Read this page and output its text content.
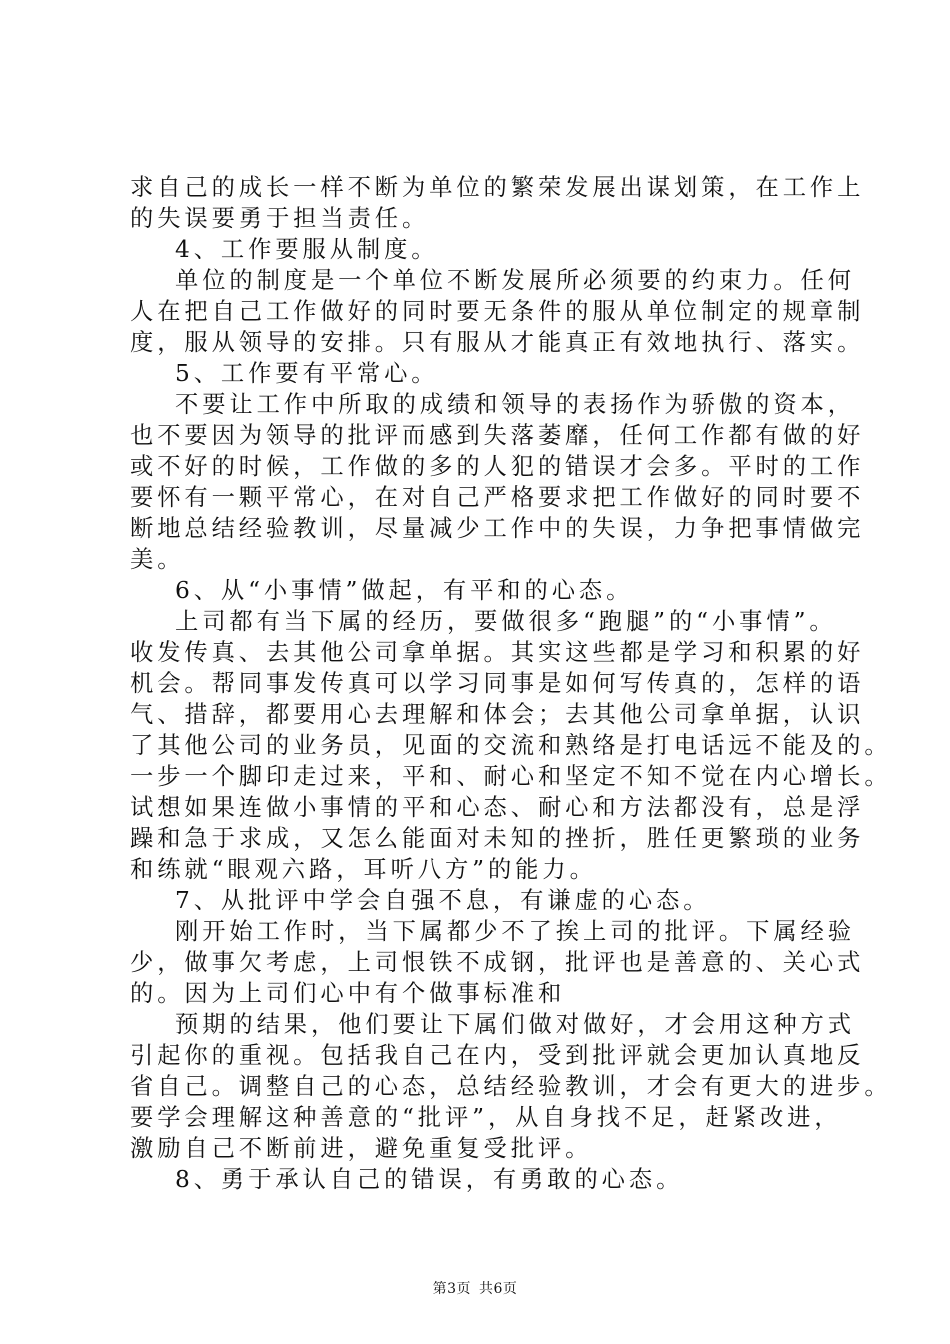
求自己的成长一样不断为单位的繁荣发展出谋划策，在工作上
的失误要勇于担当责任。
4、工作要服从制度。
单位的制度是一个单位不断发展所必须要的约束力。任何
人在把自己工作做好的同时要无条件的服从单位制定的规章制
度，服从领导的安排。只有服从才能真正有效地执行、落实。
5、工作要有平常心。
不要让工作中所取的成绩和领导的表扬作为骄傲的资本，
也不要因为领导的批评而感到失落萎靡，任何工作都有做的好
或不好的时候，工作做的多的人犯的错误才会多。平时的工作
要怀有一颗平常心，在对自己严格要求把工作做好的同时要不
断地总结经验教训，尽量减少工作中的失误，力争把事情做完
美。
6、从“小事情”做起，有平和的心态。
上司都有当下属的经历，要做很多“跑腿”的“小事情”。
收发传真、去其他公司拿单据。其实这些都是学习和积累的好
机会。帮同事发传真可以学习同事是如何写传真的，怎样的语
气、措辞，都要用心去理解和体会；去其他公司拿单据，认识
了其他公司的业务员，见面的交流和熟络是打电话远不能及的。
一步一个脚印走过来，平和、耐心和坚定不知不觉在内心增长。
试想如果连做小事情的平和心态、耐心和方法都没有，总是浮
躁和急于求成，又怎么能面对未知的挫折，胜任更繁琐的业务
和练就“眼观六路，耳听八方”的能力。
7、从批评中学会自强不息，有谦虚的心态。
刚开始工作时，当下属都少不了挨上司的批评。下属经验
少，做事欠考虑，上司恨铁不成钢，批评也是善意的、关心式
的。因为上司们心中有个做事标准和
预期的结果，他们要让下属们做对做好，才会用这种方式
引起你的重视。包括我自己在内，受到批评就会更加认真地反
省自己。调整自己的心态，总结经验教训，才会有更大的进步。
要学会理解这种善意的“批评”，从自身找不足，赶紧改进，
激励自己不断前进，避免重复受批评。
8、勇于承认自己的错误，有勇敢的心态。
第3页 共6页
